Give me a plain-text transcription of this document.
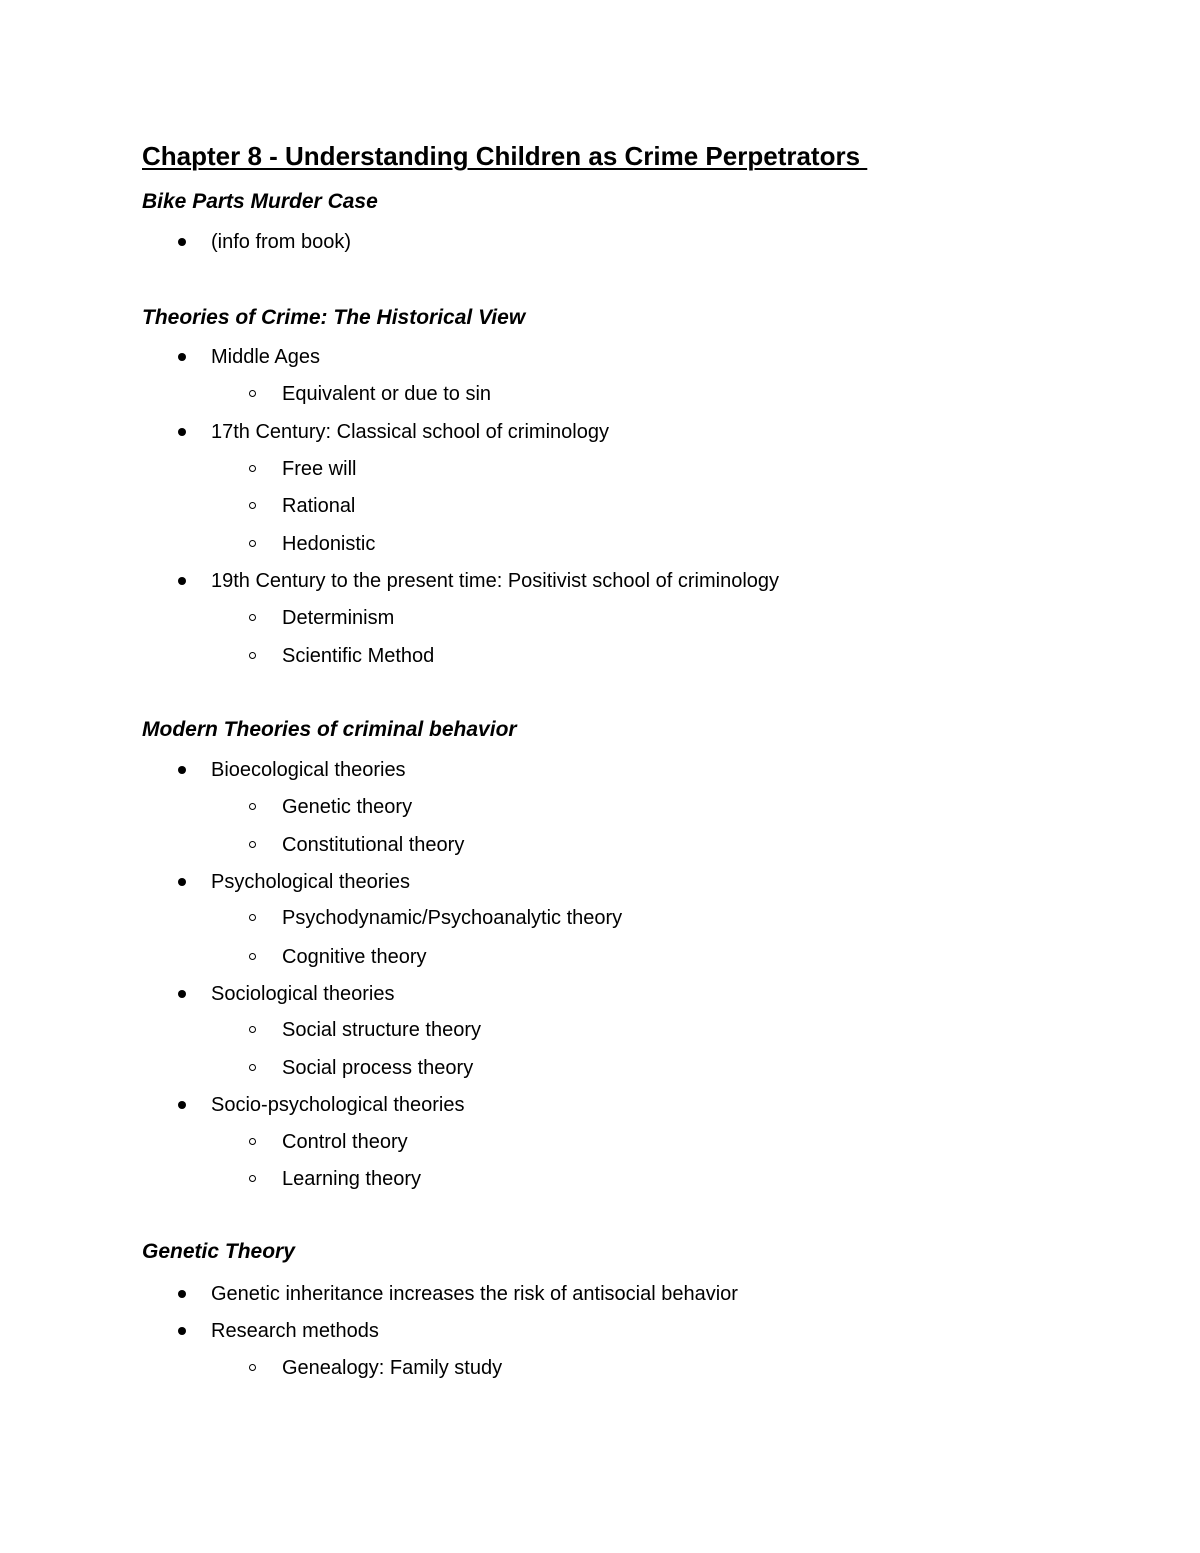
Chapter 8 - Understanding Children as Crime Perpetrators
Bike Parts Murder Case
(info from book)
Theories of Crime: The Historical View
Middle Ages
Equivalent or due to sin
17th Century: Classical school of criminology
Free will
Rational
Hedonistic
19th Century to the present time: Positivist school of criminology
Determinism
Scientific Method
Modern Theories of criminal behavior
Bioecological theories
Genetic theory
Constitutional theory
Psychological theories
Psychodynamic/Psychoanalytic theory
Cognitive theory
Sociological theories
Social structure theory
Social process theory
Socio-psychological theories
Control theory
Learning theory
Genetic Theory
Genetic inheritance increases the risk of antisocial behavior
Research methods
Genealogy: Family study
